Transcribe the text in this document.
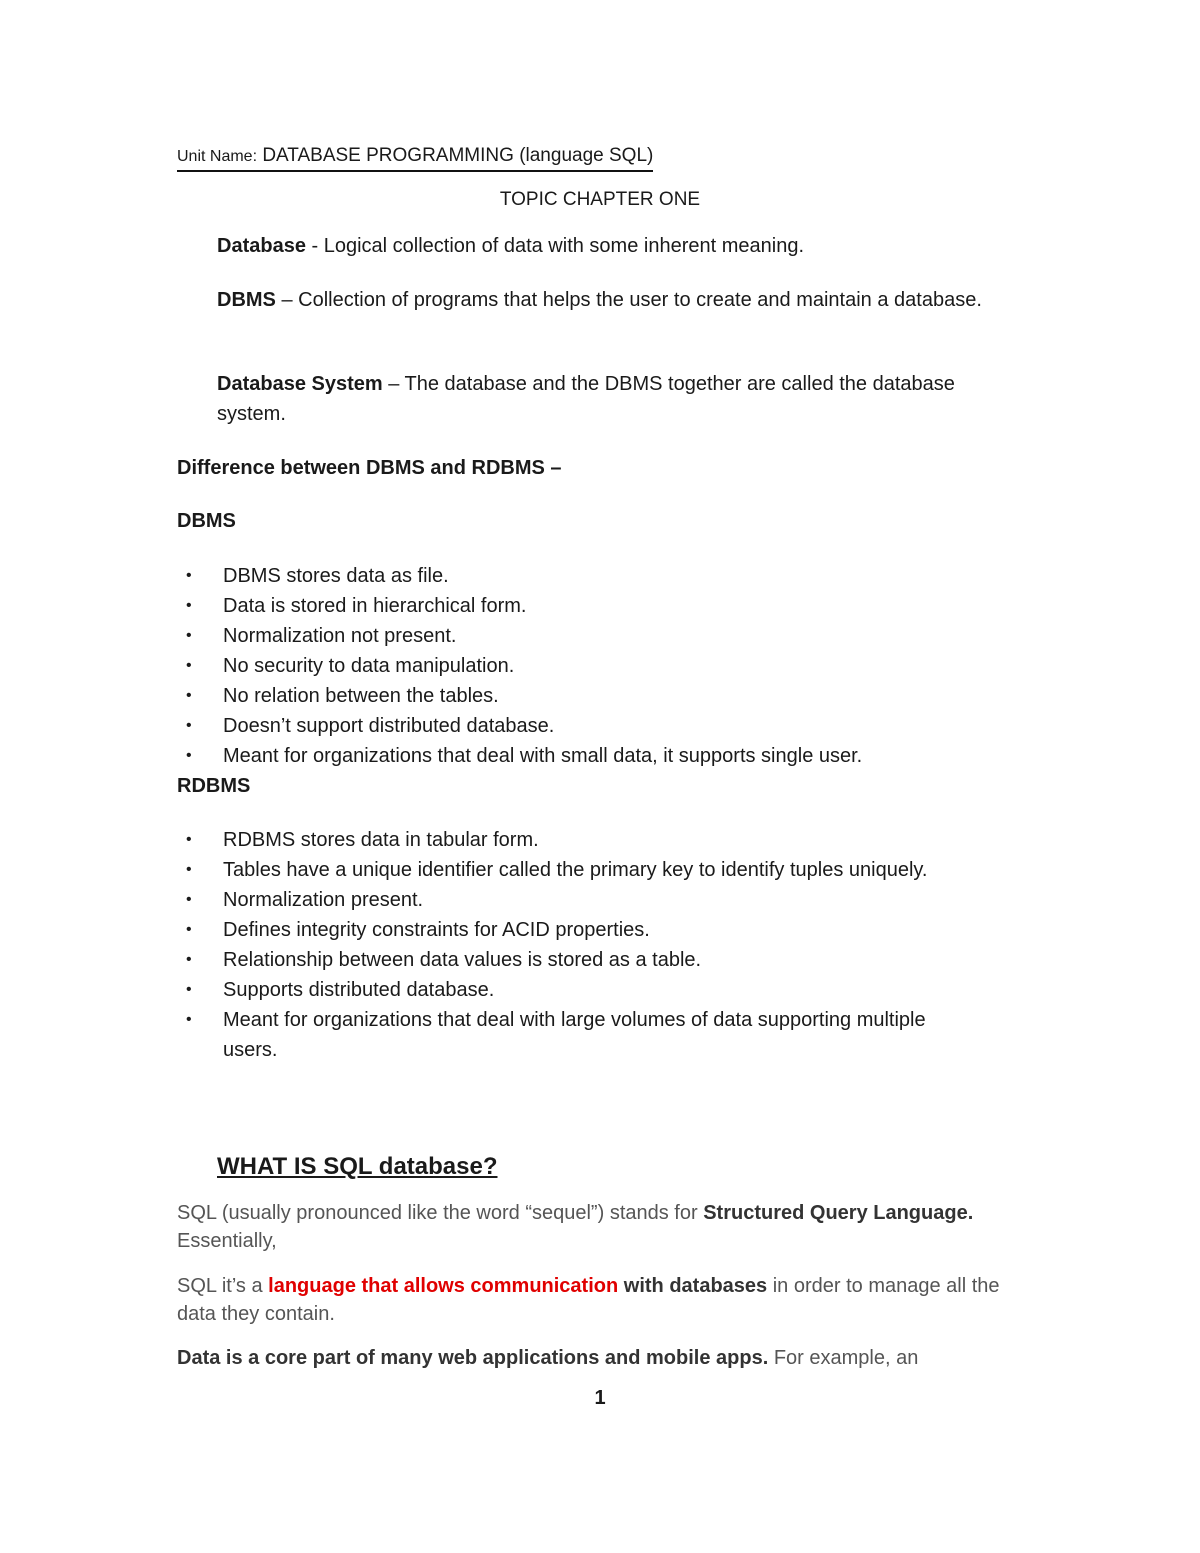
Unit Name: DATABASE PROGRAMMING (language SQL)
TOPIC CHAPTER ONE
Database - Logical collection of data with some inherent meaning.
DBMS – Collection of programs that helps the user to create and maintain a database.
Database System – The database and the DBMS together are called the database system.
Difference between DBMS and RDBMS –
DBMS
• DBMS stores data as file.
• Data is stored in hierarchical form.
• Normalization not present.
• No security to data manipulation.
• No relation between the tables.
• Doesn’t support distributed database.
• Meant for organizations that deal with small data, it supports single user.
RDBMS
• RDBMS stores data in tabular form.
• Tables have a unique identifier called the primary key to identify tuples uniquely.
• Normalization present.
• Defines integrity constraints for ACID properties.
• Relationship between data values is stored as a table.
• Supports distributed database.
• Meant for organizations that deal with large volumes of data supporting multiple users.
WHAT IS SQL database?
SQL (usually pronounced like the word “sequel”) stands for Structured Query Language. Essentially,
SQL it’s a language that allows communication with databases in order to manage all the data they contain.
Data is a core part of many web applications and mobile apps. For example, an
1
